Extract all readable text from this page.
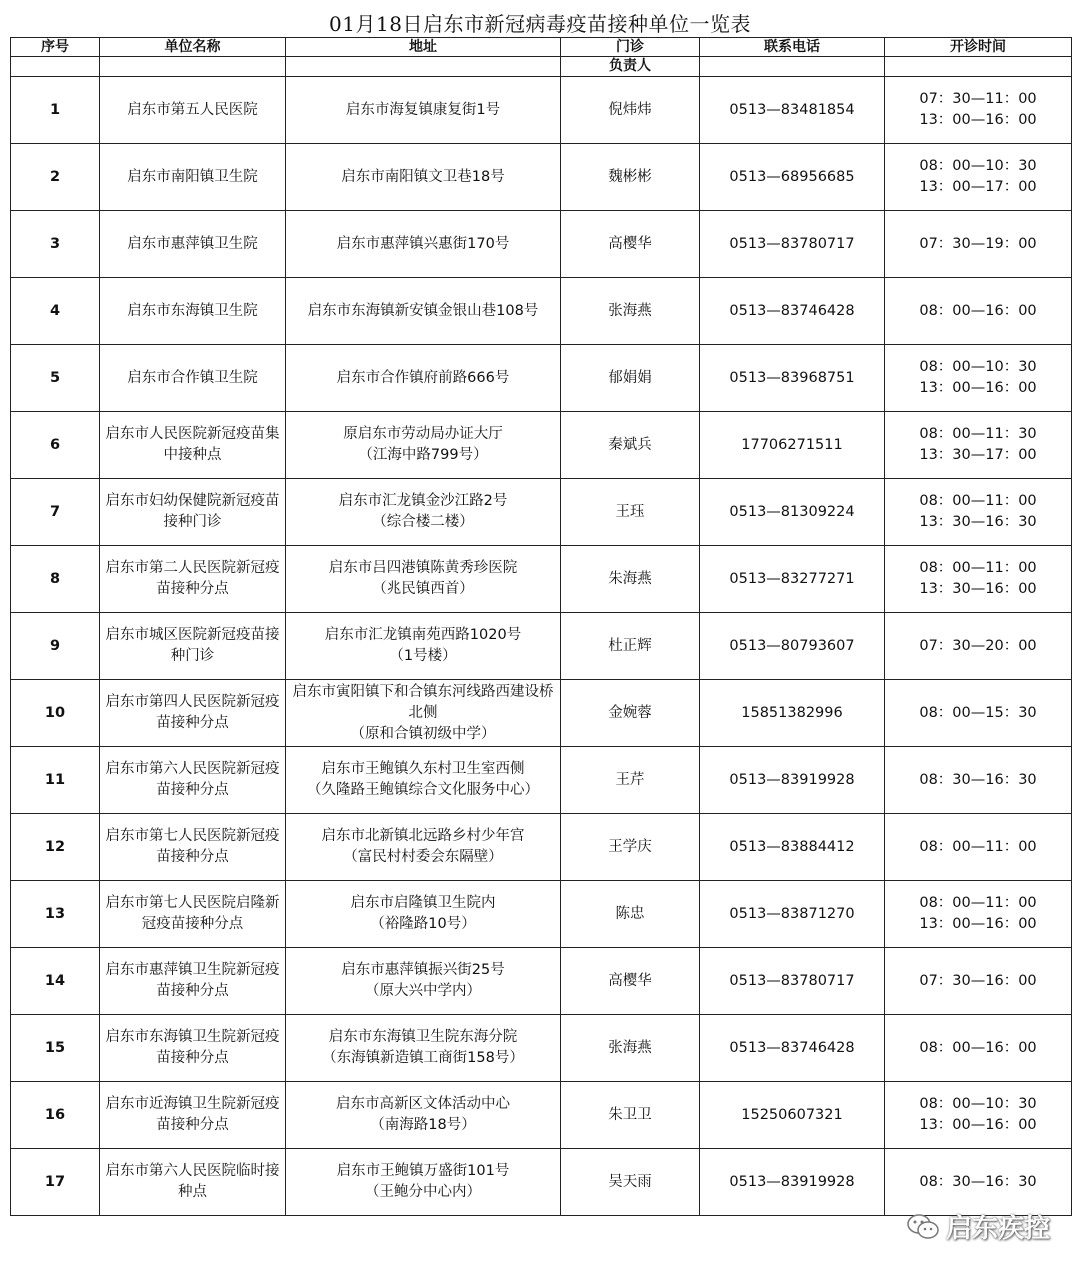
01月18日启东市新冠病毒疫苗接种单位一览表
序号	单位名称	地址	门诊	联系电话	开诊时间
			负责人		
1	启东市第五人民医院	启东市海复镇康复街1号	倪炜炜	0513—83481854	07：30—11：00
13：00—16：00

2	启东市南阳镇卫生院	启东市南阳镇文卫巷18号	魏彬彬	0513—68956685	08：00—10：30
13：00—17：00

3	启东市惠萍镇卫生院	启东市惠萍镇兴惠街170号	高樱华	0513—83780717	07：30—19：00

4	启东市东海镇卫生院	启东市东海镇新安镇金银山巷108号	张海燕	0513—83746428	08：00—16：00

5	启东市合作镇卫生院	启东市合作镇府前路666号	郁娟娟	0513—83968751	08：00—10：30
13：00—16：00

6	启东市人民医院新冠疫苗集
中接种点	原启东市劳动局办证大厅
（江海中路799号）	秦斌兵	17706271511	08：00—11：30
13：30—17：00

7	启东市妇幼保健院新冠疫苗
接种门诊	启东市汇龙镇金沙江路2号
（综合楼二楼）	王珏	0513—81309224	08：00—11：00
13：30—16：30

8	启东市第二人民医院新冠疫
苗接种分点	启东市吕四港镇陈黄秀珍医院
（兆民镇西首）	朱海燕	0513—83277271	08：00—11：00
13：30—16：00

9	启东市城区医院新冠疫苗接
种门诊	启东市汇龙镇南苑西路1020号
（1号楼）	杜正辉	0513—80793607	07：30—20：00

10	启东市第四人民医院新冠疫
苗接种分点	启东市寅阳镇下和合镇东河线路西建设桥
北侧
（原和合镇初级中学）	金婉蓉	15851382996	08：00—15：30

11	启东市第六人民医院新冠疫
苗接种分点	启东市王鲍镇久东村卫生室西侧
（久隆路王鲍镇综合文化服务中心）	王芹	0513—83919928	08：30—16：30

12	启东市第七人民医院新冠疫
苗接种分点	启东市北新镇北远路乡村少年宫
（富民村村委会东隔壁）	王学庆	0513—83884412	08：00—11：00

13	启东市第七人民医院启隆新
冠疫苗接种分点	启东市启隆镇卫生院内
（裕隆路10号）	陈忠	0513—83871270	08：00—11：00
13：00—16：00

14	启东市惠萍镇卫生院新冠疫
苗接种分点	启东市惠萍镇振兴街25号
（原大兴中学内）	高樱华	0513—83780717	07：30—16：00

15	启东市东海镇卫生院新冠疫
苗接种分点	启东市东海镇卫生院东海分院
（东海镇新造镇工商街158号）	张海燕	0513—83746428	08：00—16：00

16	启东市近海镇卫生院新冠疫
苗接种分点	启东市高新区文体活动中心
（南海路18号）	朱卫卫	15250607321	08：00—10：30
13：00—16：00

17	启东市第六人民医院临时接
种点	启东市王鲍镇万盛街101号
（王鲍分中心内）	吴天雨	0513—83919928	08：30—16：30
启东疾控
